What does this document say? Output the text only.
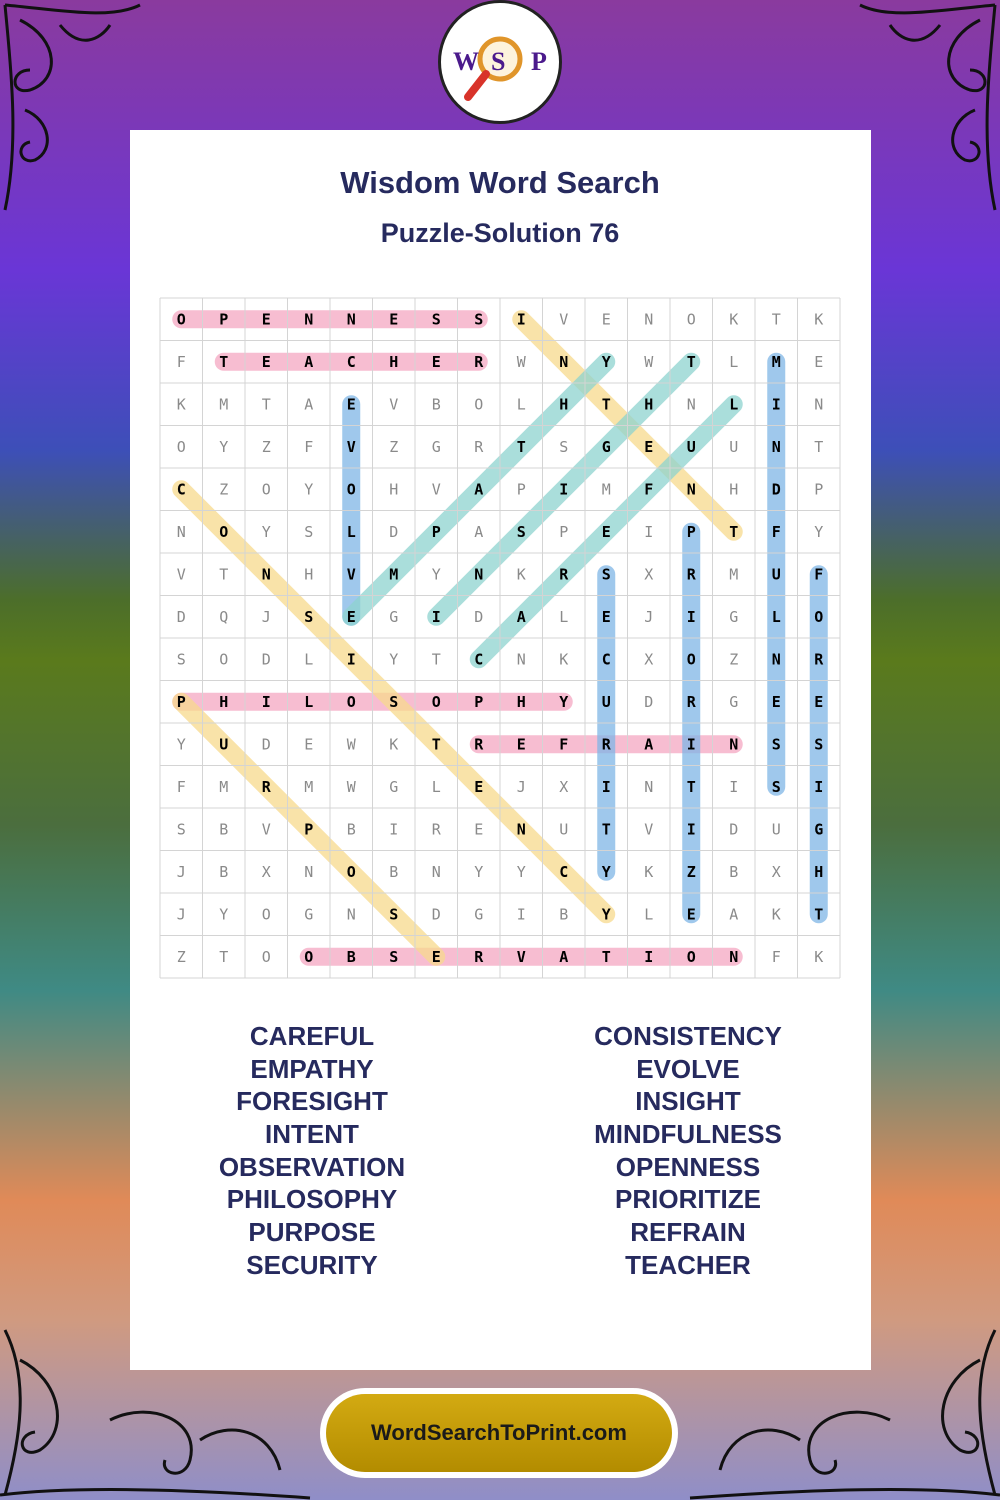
W S P
Wisdom Word Search
Puzzle-Solution 76
O P E N N E S S I V E N O K T K
F T E A C H E R W N Y W T L M E
K M T A E V B O L H T H N L I N
O Y Z F V Z G R T S G E U U N T
C Z O Y O H V A P I M F N H D P
N O Y S L D P A S P E I P T F Y
V T N H V M Y N K R S X R M U F
D Q J S E G I D A L E J I G L O
S O D L I Y T C N K C X O Z N R
P H I L O S O P H Y U D R G E E
Y U D E W K T R E F R A I N S S
F M R M W G L E J X I N T I S I
S B V P B I R E N U T V I D U G
J B X N O B N Y Y C Y K Z B X H
J Y O G N S D G I B Y L E A K T
Z T O O B S E R V A T I O N F K
CAREFUL
EMPATHY
FORESIGHT
INTENT
OBSERVATION
PHILOSOPHY
PURPOSE
SECURITY
CONSISTENCY
EVOLVE
INSIGHT
MINDFULNESS
OPENNESS
PRIORITIZE
REFRAIN
TEACHER
WordSearchToPrint.com
